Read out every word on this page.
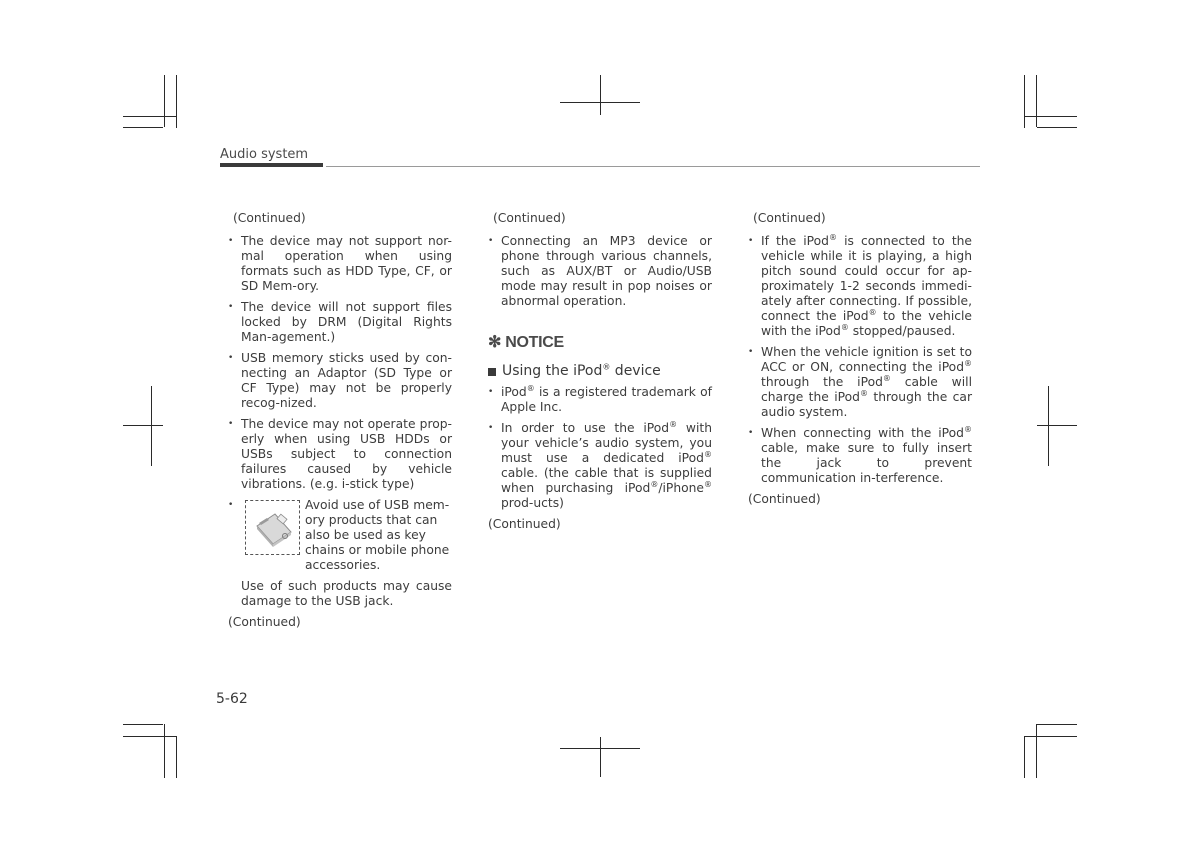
Audio system
(Continued)
• The device may not support nor-mal operation when using formats such as HDD Type, CF, or SD Mem-ory.
• The device will not support files locked by DRM (Digital Rights Man-agement.)
• USB memory sticks used by con-necting an Adaptor (SD Type or CF Type) may not be properly recog-nized.
• The device may not operate prop-erly when using USB HDDs or USBs subject to connection failures caused by vehicle vibrations. (e.g. i-stick type)
• Avoid use of USB mem-ory products that can also be used as key chains or mobile phone accessories.
Use of such products may cause damage to the USB jack.
(Continued)
(Continued)
• Connecting an MP3 device or phone through various channels, such as AUX/BT or Audio/USB mode may result in pop noises or abnormal operation.
✻ NOTICE
Using the iPod® device
• iPod® is a registered trademark of Apple Inc.
• In order to use the iPod® with your vehicle’s audio system, you must use a dedicated iPod® cable. (the cable that is supplied when purchasing iPod®/iPhone® prod-ucts)
(Continued)
(Continued)
• If the iPod® is connected to the vehicle while it is playing, a high pitch sound could occur for ap-proximately 1-2 seconds immedi-ately after connecting. If possible, connect the iPod® to the vehicle with the iPod® stopped/paused.
• When the vehicle ignition is set to ACC or ON, connecting the iPod® through the iPod® cable will charge the iPod® through the car audio system.
• When connecting with the iPod® cable, make sure to fully insert the jack to prevent communication in-terference.
(Continued)
5-62
